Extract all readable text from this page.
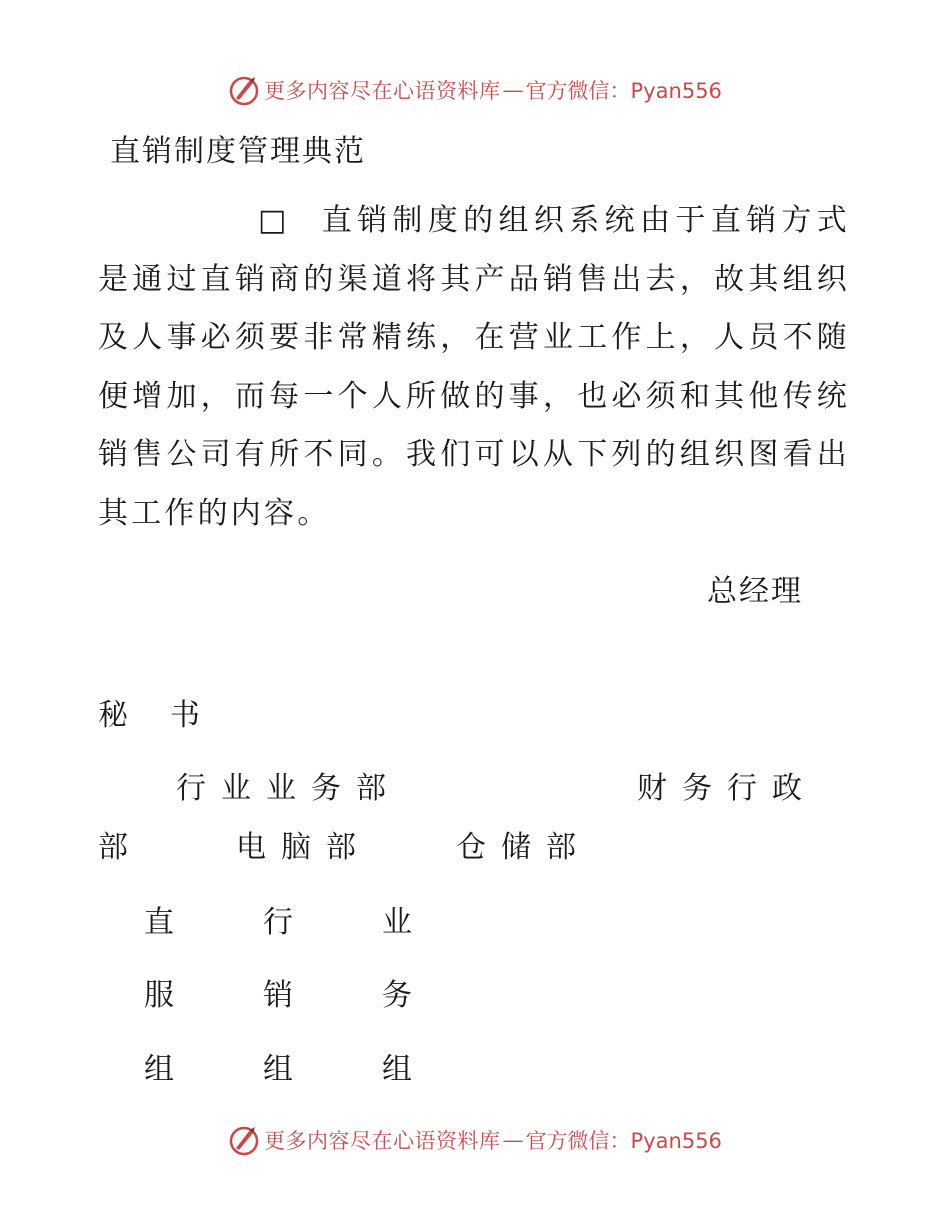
更多内容尽在心语资料库 — 官方微信：Pyan556
直销制度管理典范

□ 直销制度的组织系统由于直销方式是通过直销商的渠道将其产品销售出去，故其组织及人事必须要非常精练，在营业工作上，人员不随便增加，而每一个人所做的事，也必须和其他传统销售公司有所不同。我们可以从下列的组织图看出其工作的内容。

总经理
秘　书
行业业务部	财务行政
部	电脑部	仓储部
直
服
组
行
销
组
业
务
组
更多内容尽在心语资料库 — 官方微信：Pyan556
